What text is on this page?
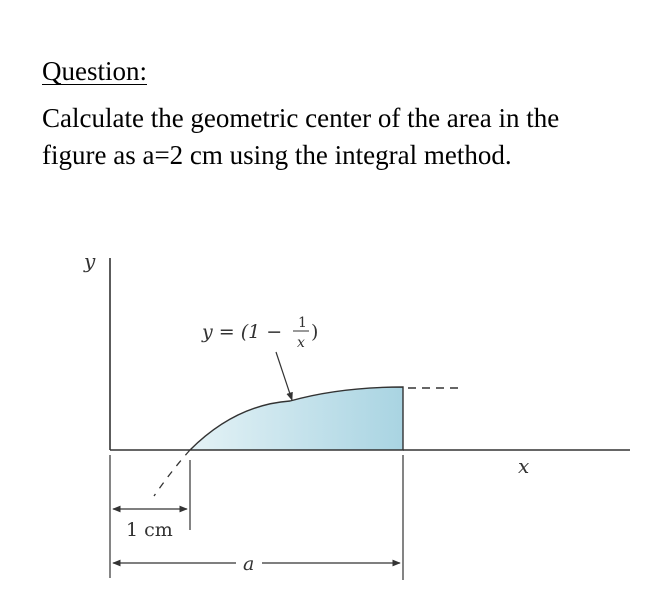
Question:
Calculate the geometric center of the area in the
figure as a=2 cm using the integral method.
y
x
y = (1 − 1
x )
1 cm
a
